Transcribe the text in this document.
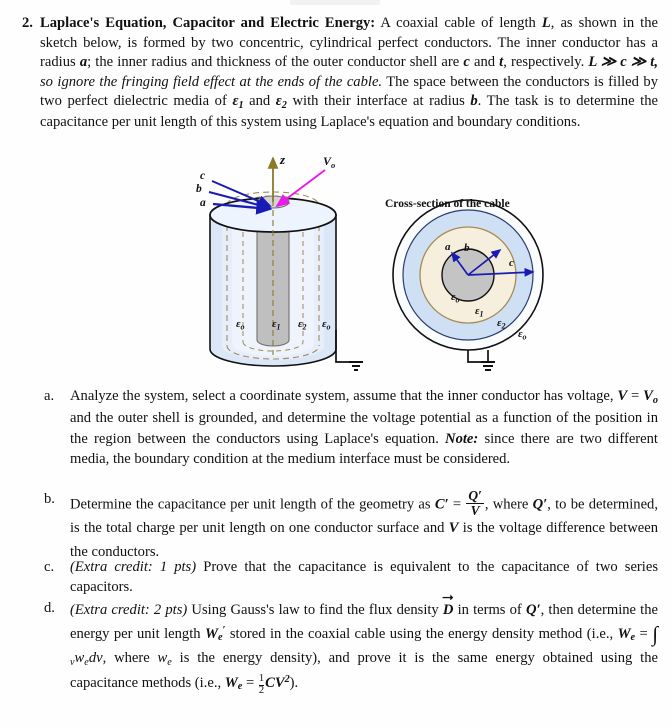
2. Laplace's Equation, Capacitor and Electric Energy: A coaxial cable of length L, as shown in the sketch below, is formed by two concentric, cylindrical perfect conductors. The inner conductor has a radius a; the inner radius and thickness of the outer conductor shell are c and t, respectively. L ≫ c ≫ t, so ignore the fringing field effect at the ends of the cable. The space between the conductors is filled by two perfect dielectric media of $\varepsilon_1$ and $\varepsilon_2$ with their interface at radius b. The task is to determine the capacitance per unit length of this system using Laplace's equation and boundary conditions.
z
c
b
a
$V_o$
$\varepsilon_o$ $\varepsilon_1$ $\varepsilon_2$ $\varepsilon_o$
a b
c
$\varepsilon_o$
$\varepsilon_1$
$\varepsilon_2$
$\varepsilon_o$
Cross-section of the cable
a.	Analyze the system, select a coordinate system, assume that the inner conductor has voltage, $V = V_o$ and the outer shell is grounded, and determine the voltage potential as a function of the position in the region between the conductors using Laplace's equation. Note: since there are two different media, the boundary condition at the medium interface must be considered.
b.	Determine the capacitance per unit length of the geometry as $C' = \frac{Q'}{V}$ , where Q′, to be determined, is the total charge per unit length on one conductor surface and V is the voltage difference between the conductors.
c.	(Extra credit: 1 pts) Prove that the capacitance is equivalent to the capacitance of two series capacitors.
d.	(Extra credit: 2 pts) Using Gauss's law to find the flux density
D in terms of Q′, then determine the energy per unit length $W_e'$ stored in the coaxial cable using the energy density method (i.e., $W_e = \int_vw_edv$, where $w_e$ is the energy density), and prove it is the same energy obtained using the capacitance methods (i.e., $W_e = \frac{1}{2} CV^2$).
